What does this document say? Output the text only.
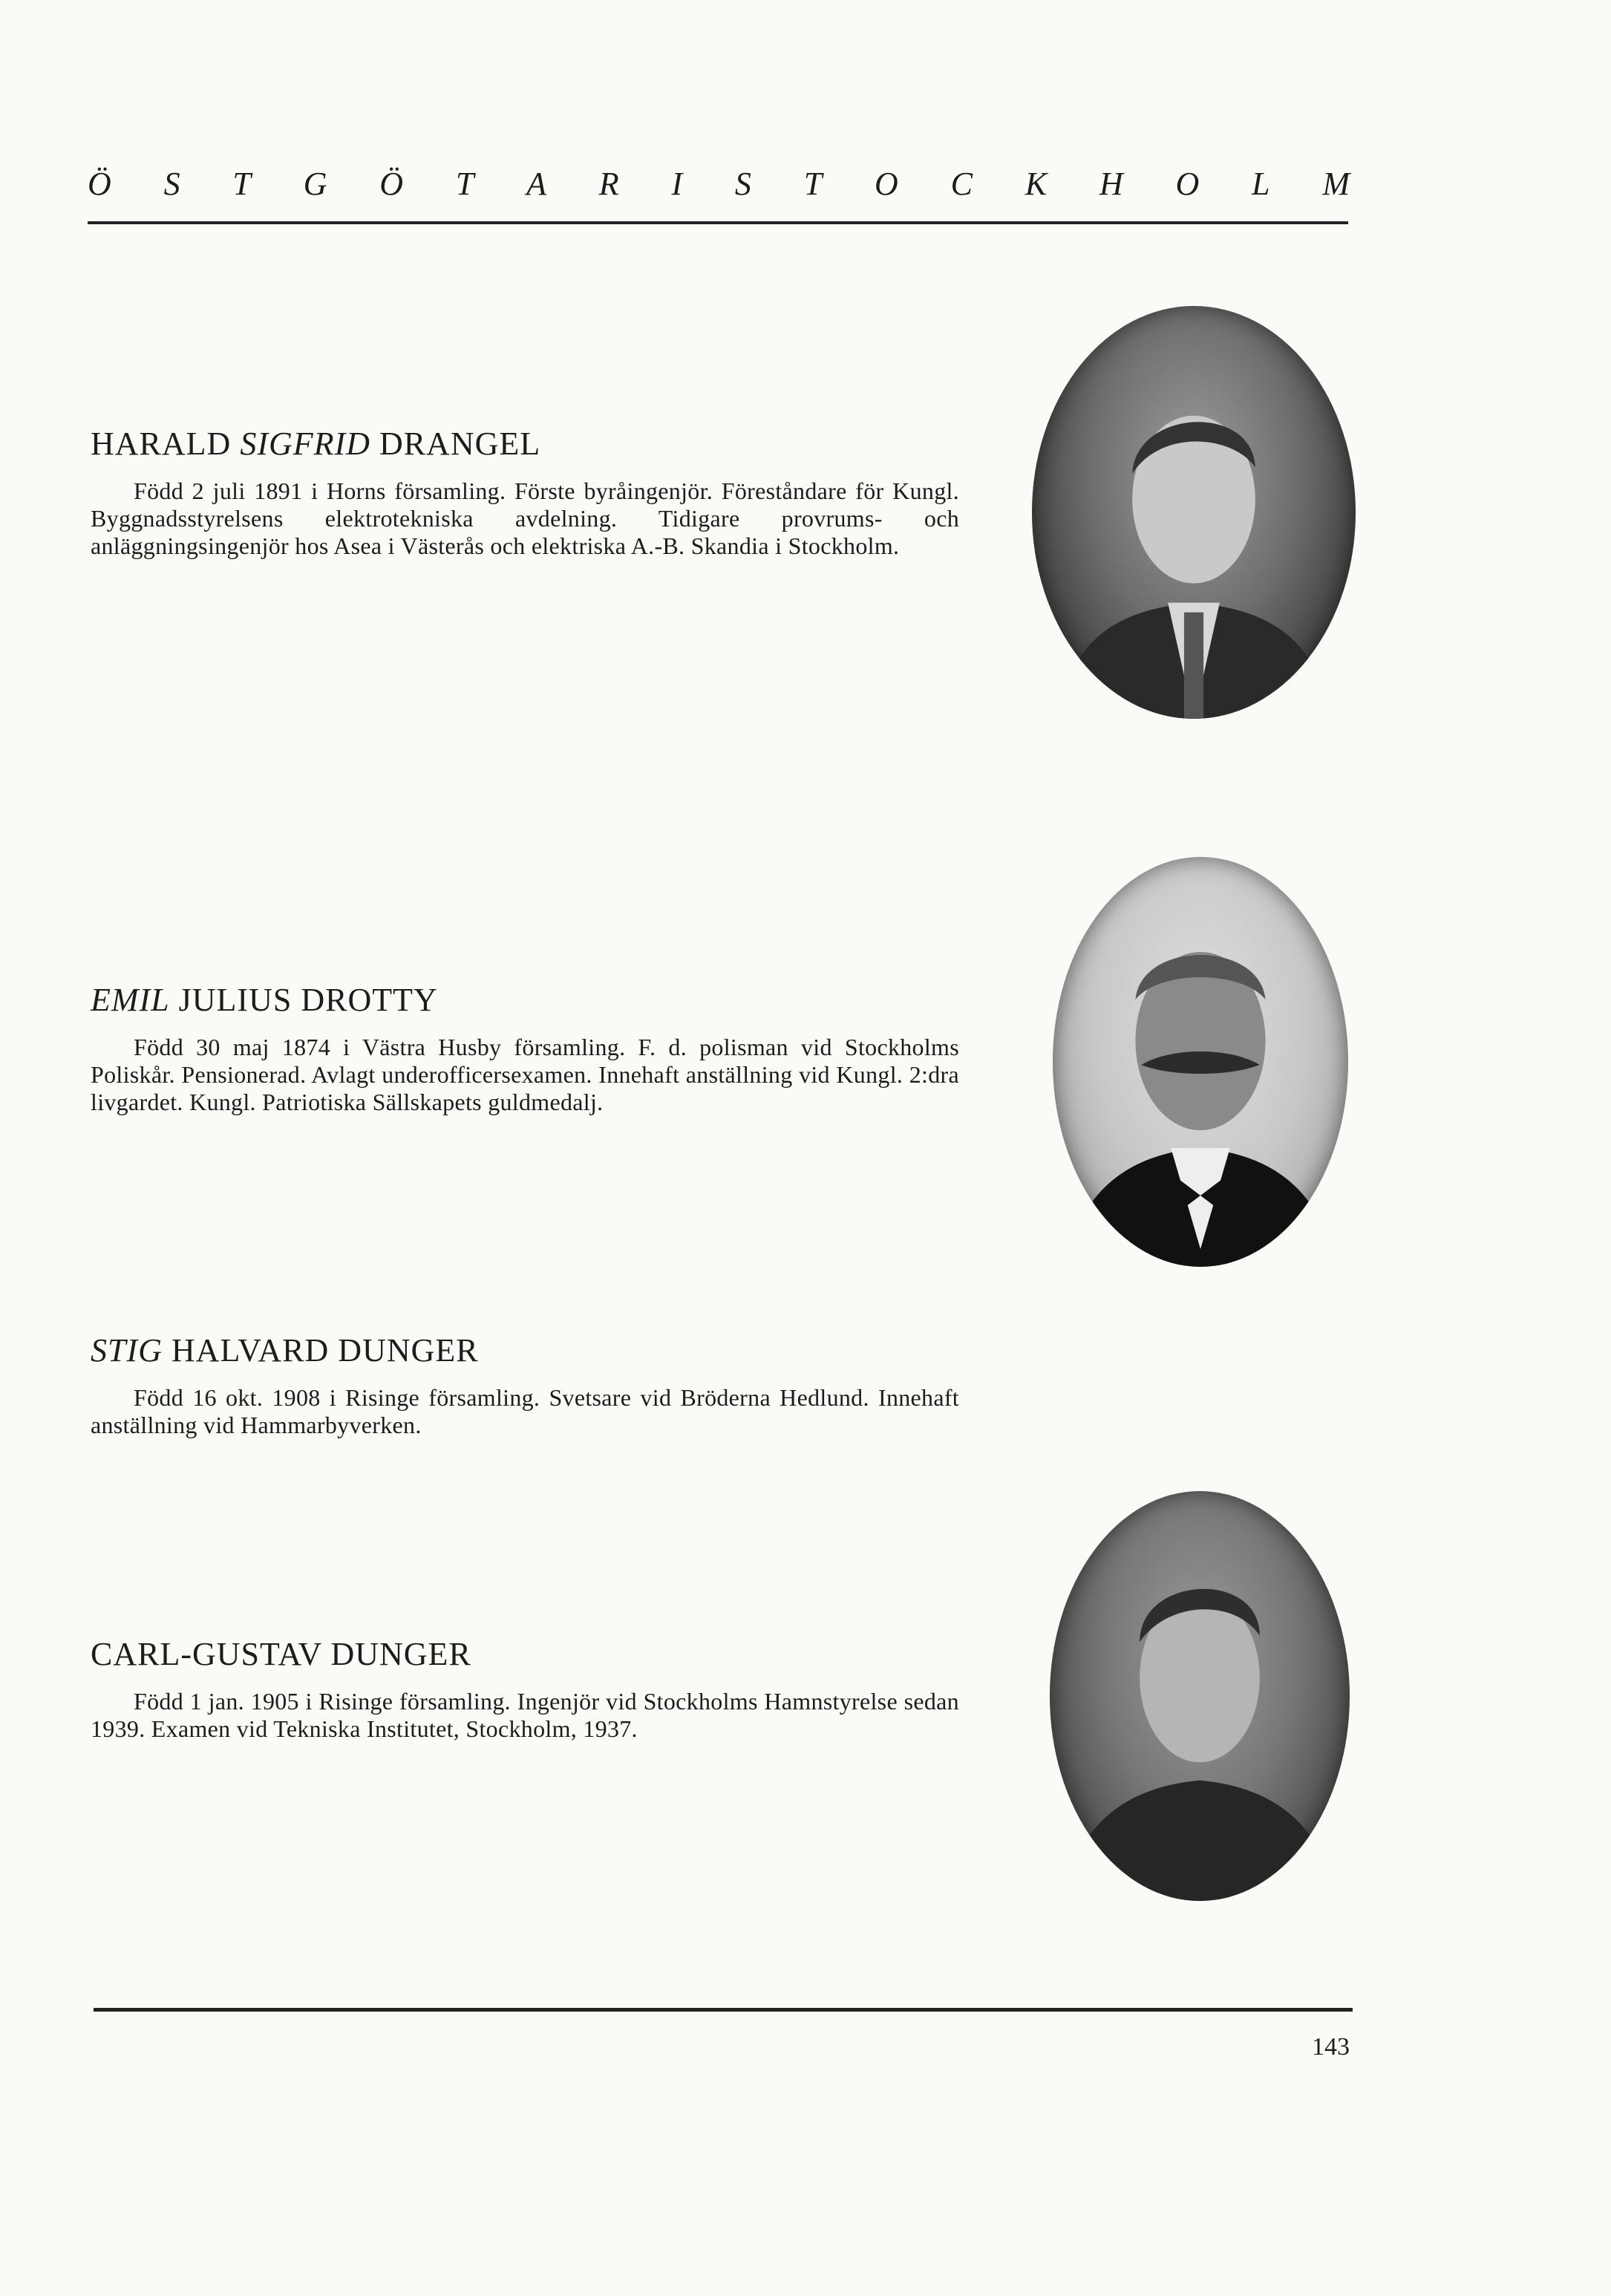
Ö S T G Ö T A R I S T O C K H O L M
HARALD SIGFRID DRANGEL

Född 2 juli 1891 i Horns församling. Förste byråingenjör. Föreståndare för Kungl. Byggnadsstyrelsens elektrotekniska avdelning. Tidigare provrums- och anläggningsingenjör hos Asea i Västerås och elektriska A.-B. Skandia i Stockholm.

EMIL JULIUS DROTTY

Född 30 maj 1874 i Västra Husby församling. F. d. polisman vid Stockholms Poliskår. Pensionerad. Avlagt underofficersexamen. Innehaft anställning vid Kungl. 2:dra livgardet. Kungl. Patriotiska Sällskapets guldmedalj.

STIG HALVARD DUNGER

Född 16 okt. 1908 i Risinge församling. Svetsare vid Bröderna Hedlund. Innehaft anställning vid Hammarbyverken.

CARL-GUSTAV DUNGER

Född 1 jan. 1905 i Risinge församling. Ingenjör vid Stockholms Hamnstyrelse sedan 1939. Examen vid Tekniska Institutet, Stockholm, 1937.

143
